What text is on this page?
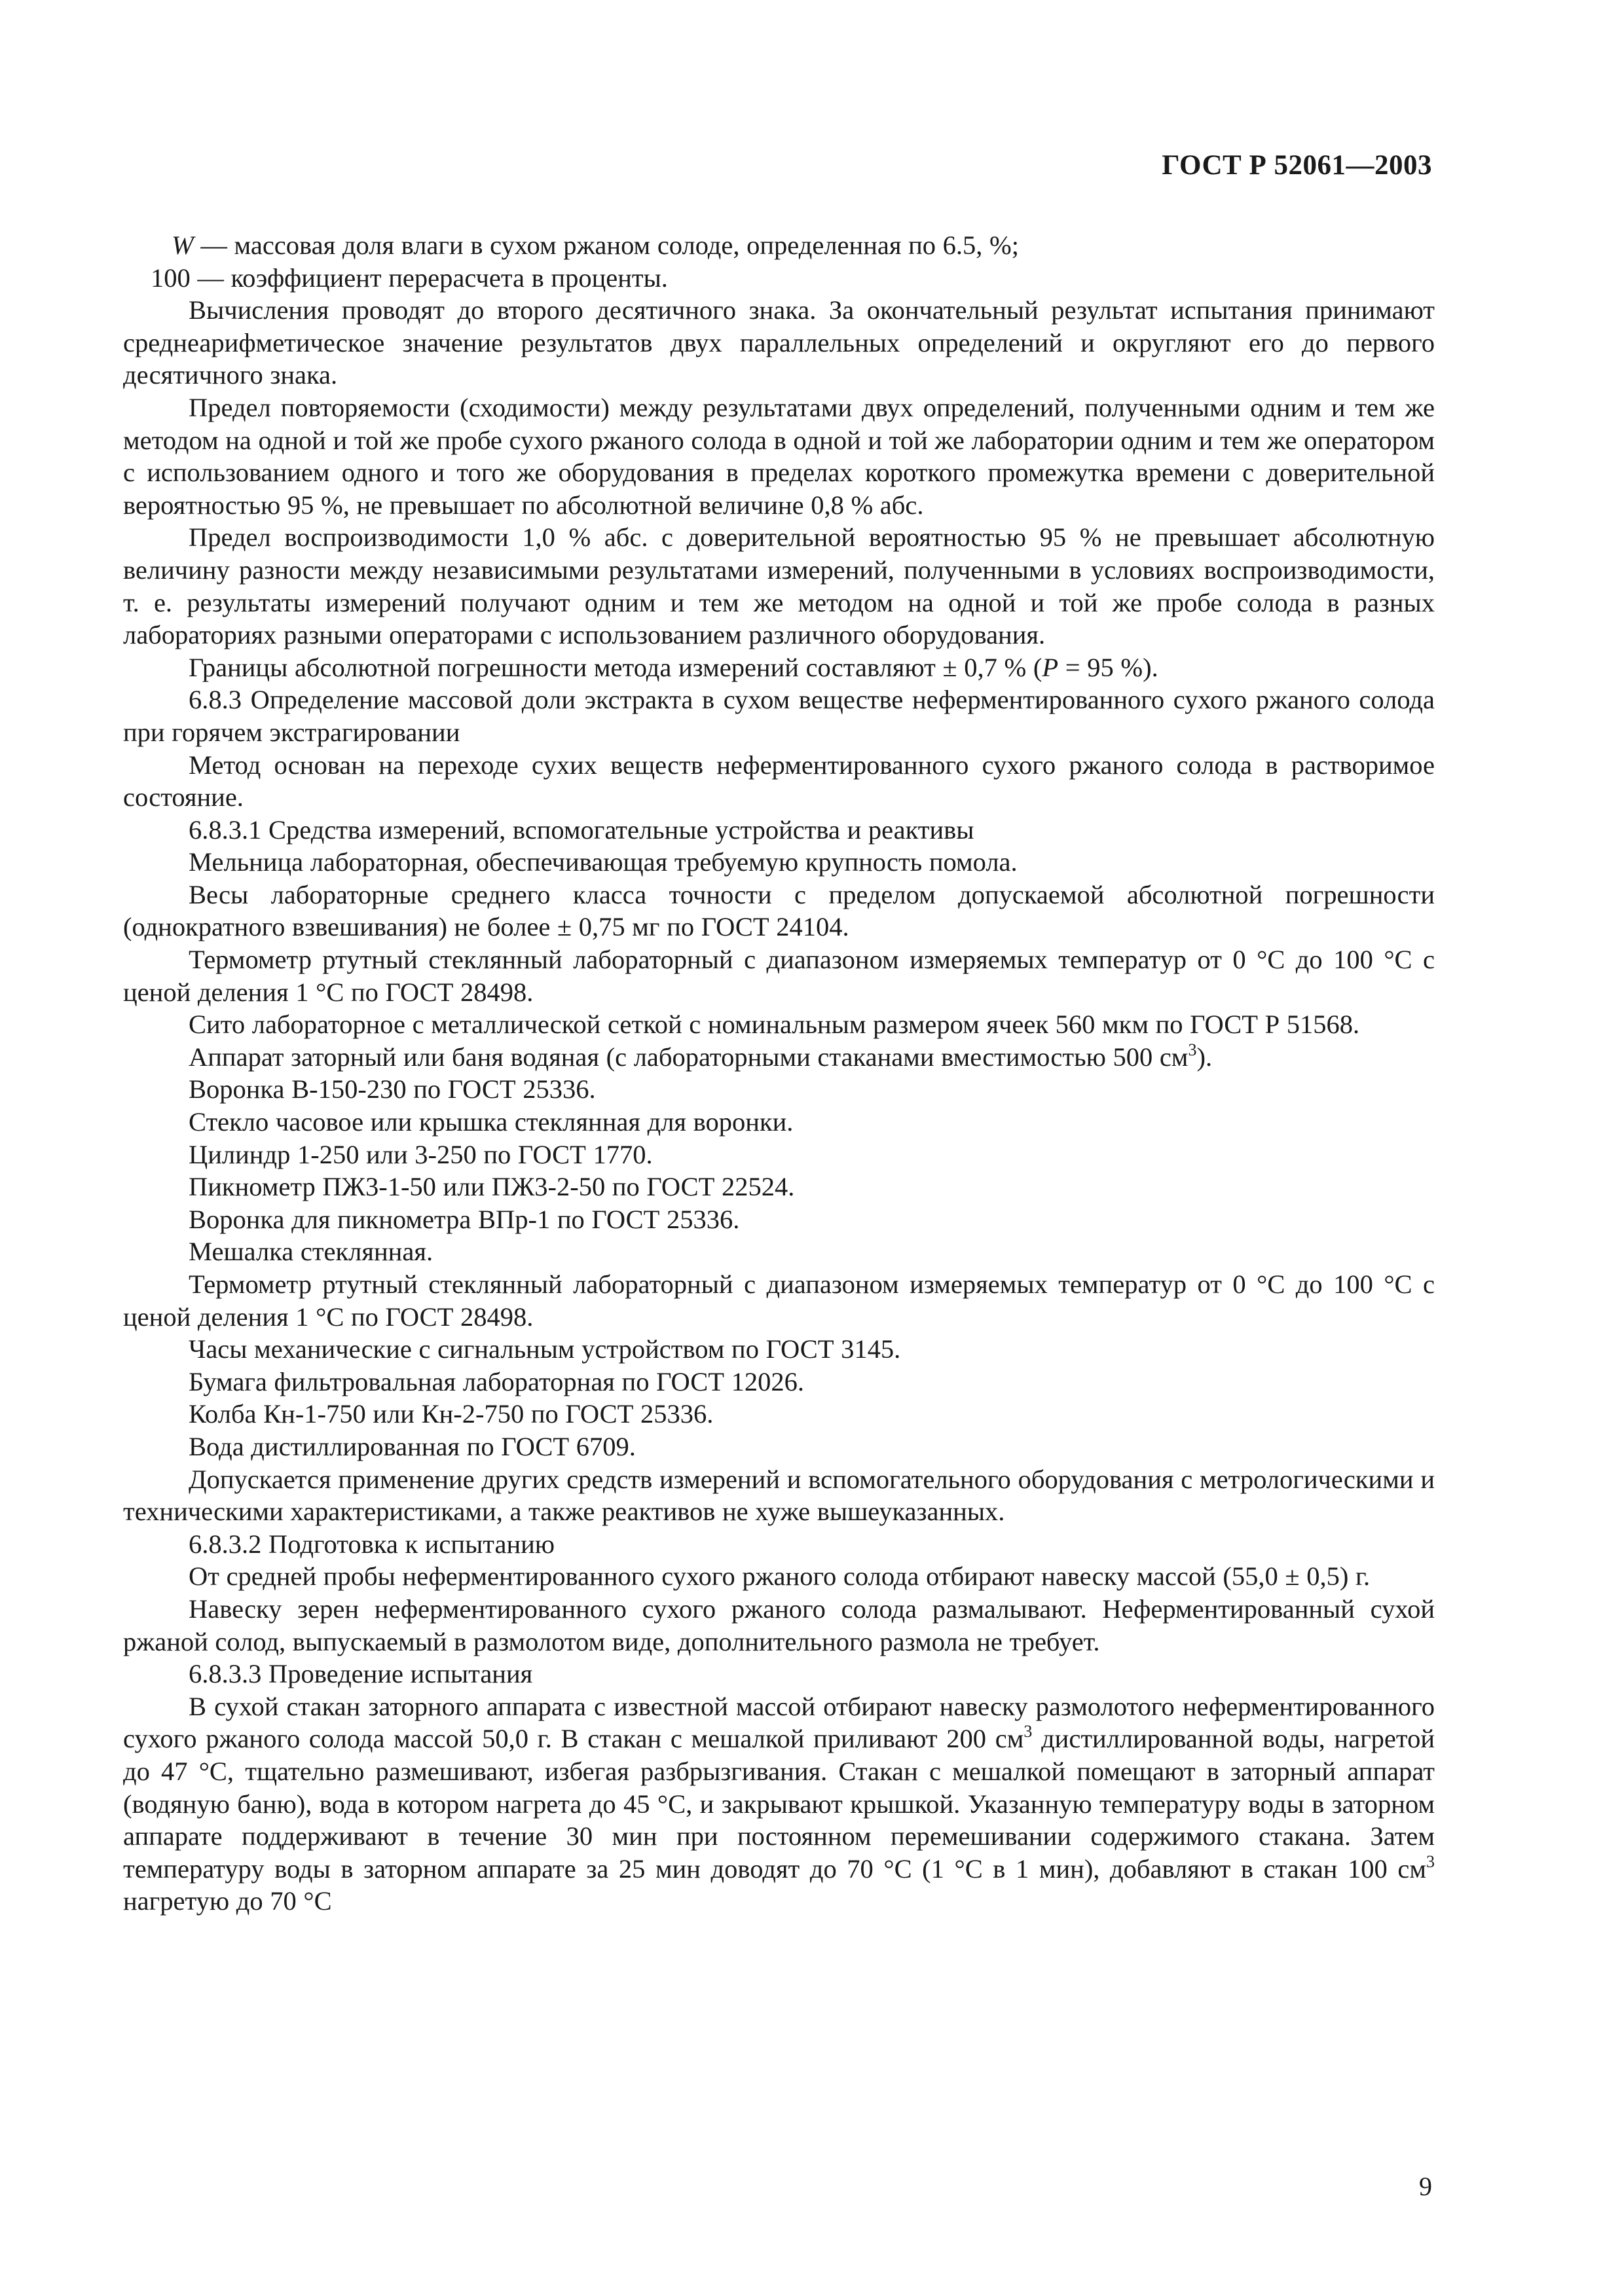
ГОСТ Р 52061—2003

W — массовая доля влаги в сухом ржаном солоде, определенная по 6.5, %;

100 — коэффициент перерасчета в проценты.

Вычисления проводят до второго десятичного знака. За окончательный результат испытания принимают среднеарифметическое значение результатов двух параллельных определений и округляют его до первого десятичного знака.

Предел повторяемости (сходимости) между результатами двух определений, полученными одним и тем же методом на одной и той же пробе сухого ржаного солода в одной и той же лаборатории одним и тем же оператором с использованием одного и того же оборудования в пределах короткого промежутка времени с доверительной вероятностью 95 %, не превышает по абсолютной величине 0,8 % абс.

Предел воспроизводимости 1,0 % абс. с доверительной вероятностью 95 % не превышает абсолютную величину разности между независимыми результатами измерений, полученными в условиях воспроизводимости, т. е. результаты измерений получают одним и тем же методом на одной и той же пробе солода в разных лабораториях разными операторами с использованием различного оборудования.

Границы абсолютной погрешности метода измерений составляют ± 0,7 % (P = 95 %).

6.8.3 Определение массовой доли экстракта в сухом веществе неферментированного сухого ржаного солода при горячем экстрагировании

Метод основан на переходе сухих веществ неферментированного сухого ржаного солода в растворимое состояние.

6.8.3.1 Средства измерений, вспомогательные устройства и реактивы

Мельница лабораторная, обеспечивающая требуемую крупность помола.

Весы лабораторные среднего класса точности с пределом допускаемой абсолютной погрешности (однократного взвешивания) не более ± 0,75 мг по ГОСТ 24104.

Термометр ртутный стеклянный лабораторный с диапазоном измеряемых температур от 0 °С до 100 °С с ценой деления 1 °С по ГОСТ 28498.

Сито лабораторное с металлической сеткой с номинальным размером ячеек 560 мкм по ГОСТ Р 51568.

Аппарат заторный или баня водяная (с лабораторными стаканами вместимостью 500 $см^3$).

Воронка В-150-230 по ГОСТ 25336.

Стекло часовое или крышка стеклянная для воронки.

Цилиндр 1-250 или 3-250 по ГОСТ 1770.

Пикнометр ПЖ3-1-50 или ПЖ3-2-50 по ГОСТ 22524.

Воронка для пикнометра ВПр-1 по ГОСТ 25336.

Мешалка стеклянная.

Термометр ртутный стеклянный лабораторный с диапазоном измеряемых температур от 0 °С до 100 °С с ценой деления 1 °С по ГОСТ 28498.

Часы механические с сигнальным устройством по ГОСТ 3145.

Бумага фильтровальная лабораторная по ГОСТ 12026.

Колба Кн-1-750 или Кн-2-750 по ГОСТ 25336.

Вода дистиллированная по ГОСТ 6709.

Допускается применение других средств измерений и вспомогательного оборудования с метрологическими и техническими характеристиками, а также реактивов не хуже вышеуказанных.

6.8.3.2 Подготовка к испытанию

От средней пробы неферментированного сухого ржаного солода отбирают навеску массой (55,0 ± 0,5) г.

Навеску зерен неферментированного сухого ржаного солода размалывают. Неферментированный сухой ржаной солод, выпускаемый в размолотом виде, дополнительного размола не требует.

6.8.3.3 Проведение испытания

В сухой стакан заторного аппарата с известной массой отбирают навеску размолотого неферментированного сухого ржаного солода массой 50,0 г. В стакан с мешалкой приливают 200 $см^3$ дистиллированной воды, нагретой до 47 °С, тщательно размешивают, избегая разбрызгивания. Стакан с мешалкой помещают в заторный аппарат (водяную баню), вода в котором нагрета до 45 °С, и закрывают крышкой. Указанную температуру воды в заторном аппарате поддерживают в течение 30 мин при постоянном перемешивании содержимого стакана. Затем температуру воды в заторном аппарате за 25 мин доводят до 70 °С (1 °С в 1 мин), добавляют в стакан 100 $см^3$ нагретую до 70 °С

9
